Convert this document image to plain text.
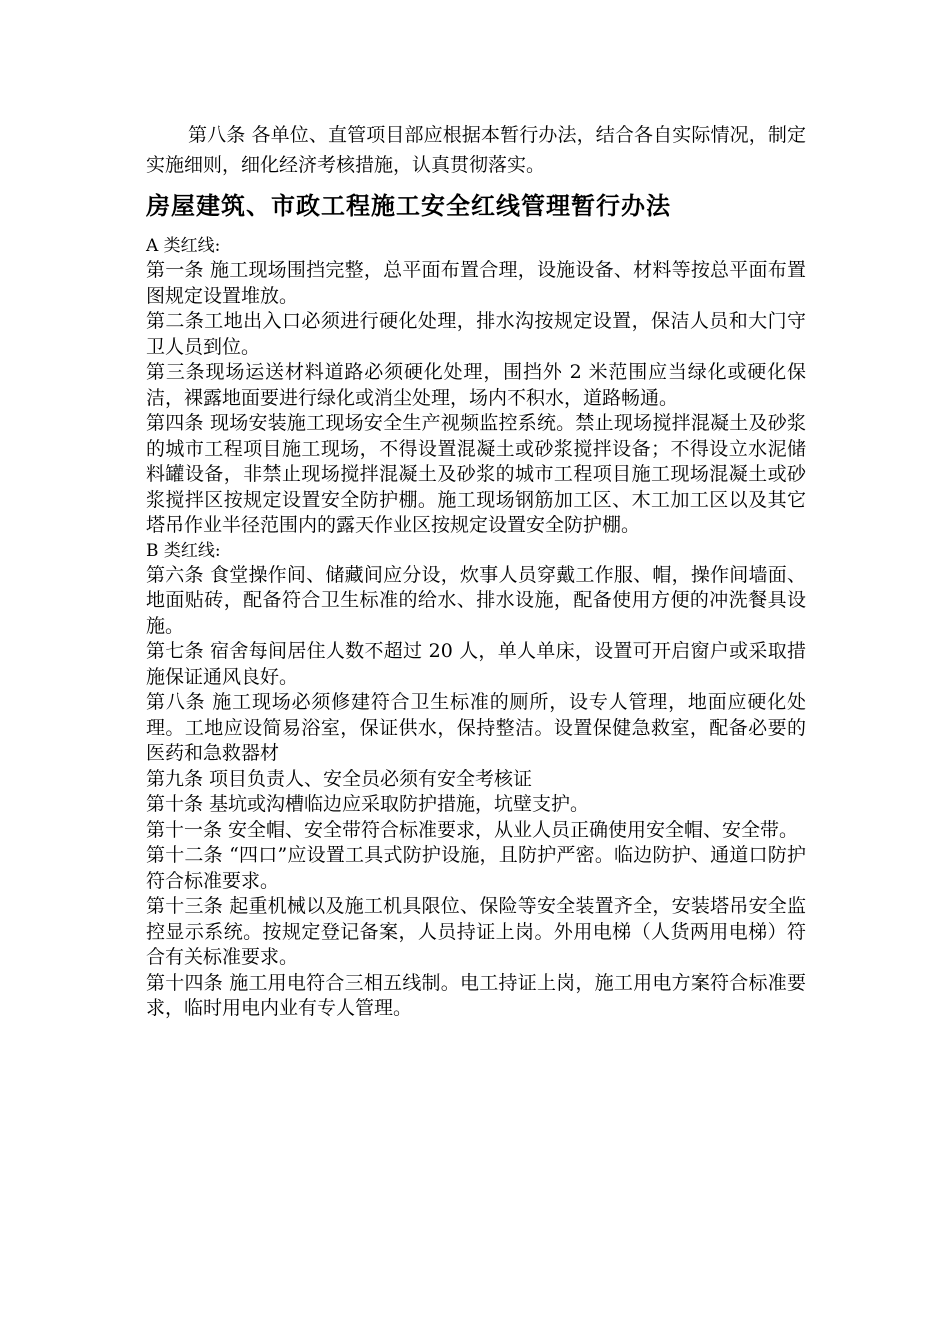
第八条 各单位、直管项目部应根据本暂行办法，结合各自实际情况，制定实施细则，细化经济考核措施，认真贯彻落实。

房屋建筑、市政工程施工安全红线管理暂行办法

A 类红线:

第一条 施工现场围挡完整，总平面布置合理，设施设备、材料等按总平面布置图规定设置堆放。

第二条工地出入口必须进行硬化处理，排水沟按规定设置，保洁人员和大门守卫人员到位。

第三条现场运送材料道路必须硬化处理，围挡外 2 米范围应当绿化或硬化保洁，裸露地面要进行绿化或消尘处理，场内不积水，道路畅通。

第四条 现场安装施工现场安全生产视频监控系统。禁止现场搅拌混凝土及砂浆的城市工程项目施工现场，不得设置混凝土或砂浆搅拌设备；不得设立水泥储料罐设备，非禁止现场搅拌混凝土及砂浆的城市工程项目施工现场混凝土或砂浆搅拌区按规定设置安全防护棚。施工现场钢筋加工区、木工加工区以及其它塔吊作业半径范围内的露天作业区按规定设置安全防护棚。

B 类红线:

第六条 食堂操作间、储藏间应分设，炊事人员穿戴工作服、帽，操作间墙面、地面贴砖，配备符合卫生标准的给水、排水设施，配备使用方便的冲洗餐具设施。

第七条 宿舍每间居住人数不超过 20 人，单人单床，设置可开启窗户或采取措施保证通风良好。

第八条 施工现场必须修建符合卫生标准的厕所，设专人管理，地面应硬化处理。工地应设简易浴室，保证供水，保持整洁。设置保健急救室，配备必要的医药和急救器材

第九条 项目负责人、安全员必须有安全考核证

第十条 基坑或沟槽临边应采取防护措施，坑壁支护。

第十一条 安全帽、安全带符合标准要求，从业人员正确使用安全帽、安全带。

第十二条 “四口”应设置工具式防护设施，且防护严密。临边防护、通道口防护符合标准要求。

第十三条 起重机械以及施工机具限位、保险等安全装置齐全，安装塔吊安全监控显示系统。按规定登记备案，人员持证上岗。外用电梯（人货两用电梯）符合有关标准要求。

第十四条 施工用电符合三相五线制。电工持证上岗，施工用电方案符合标准要求，临时用电内业有专人管理。
